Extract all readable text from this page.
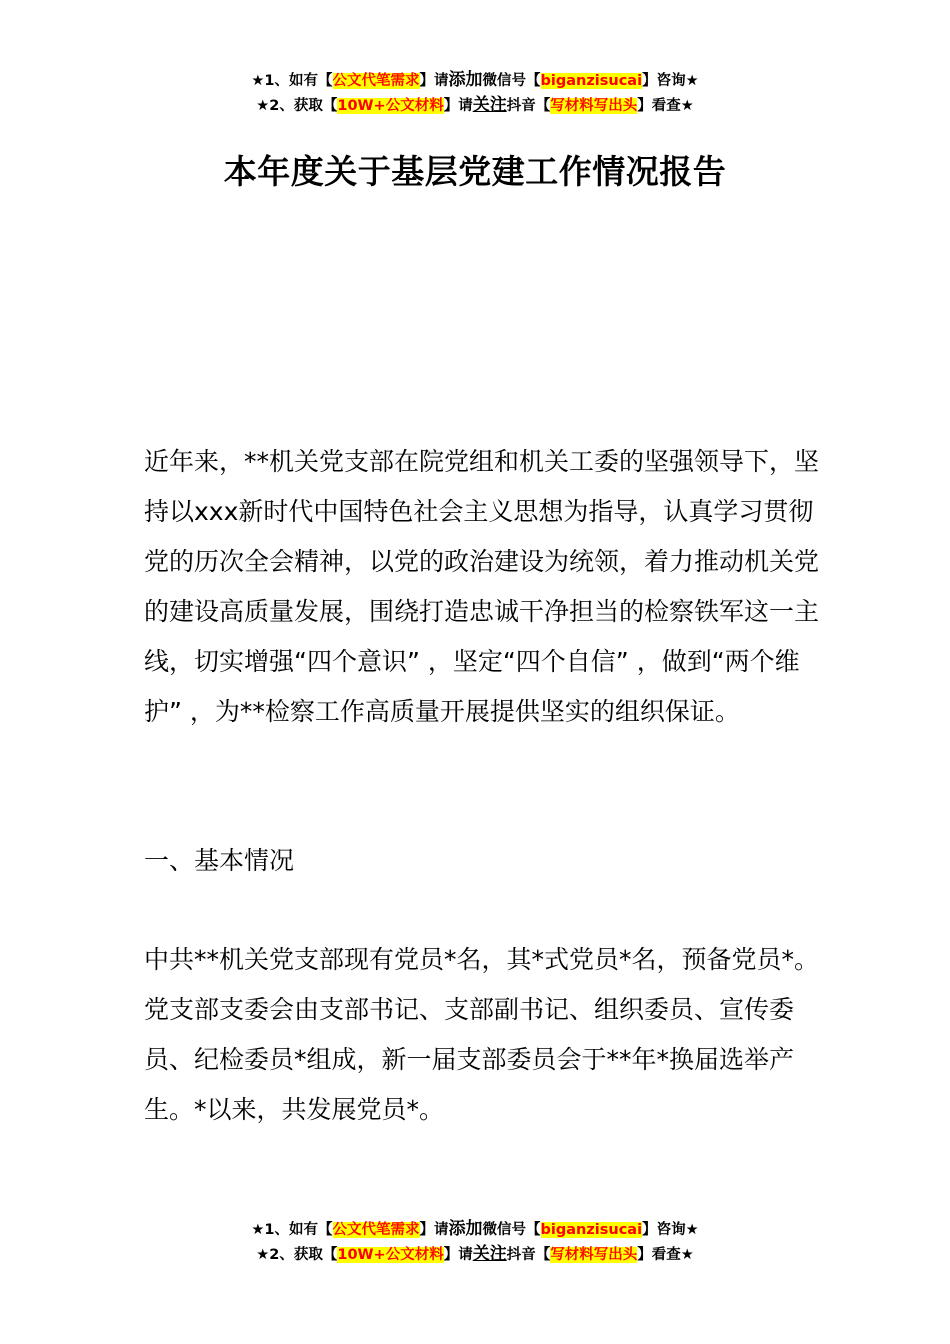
★1、如有【公文代笔需求】请添加微信号【biganzisucai】咨询★
★2、获取【10W+公文材料】请关注抖音【写材料写出头】看查★
本年度关于基层党建工作情况报告

近年来，**机关党支部在院党组和机关工委的坚强领导下，坚持以xxx新时代中国特色社会主义思想为指导，认真学习贯彻党的历次全会精神，以党的政治建设为统领，着力推动机关党的建设高质量发展，围绕打造忠诚干净担当的检察铁军这一主线，切实增强“四个意识” ，坚定“四个自信” ，做到“两个维护” ，为**检察工作高质量开展提供坚实的组织保证。

一、基本情况

中共**机关党支部现有党员*名，其*式党员*名，预备党员*。党支部支委会由支部书记、支部副书记、组织委员、宣传委员、纪检委员*组成，新一届支部委员会于**年*换届选举产生。*以来，共发展党员*。

★1、如有【公文代笔需求】请添加微信号【biganzisucai】咨询★
★2、获取【10W+公文材料】请关注抖音【写材料写出头】看查★
